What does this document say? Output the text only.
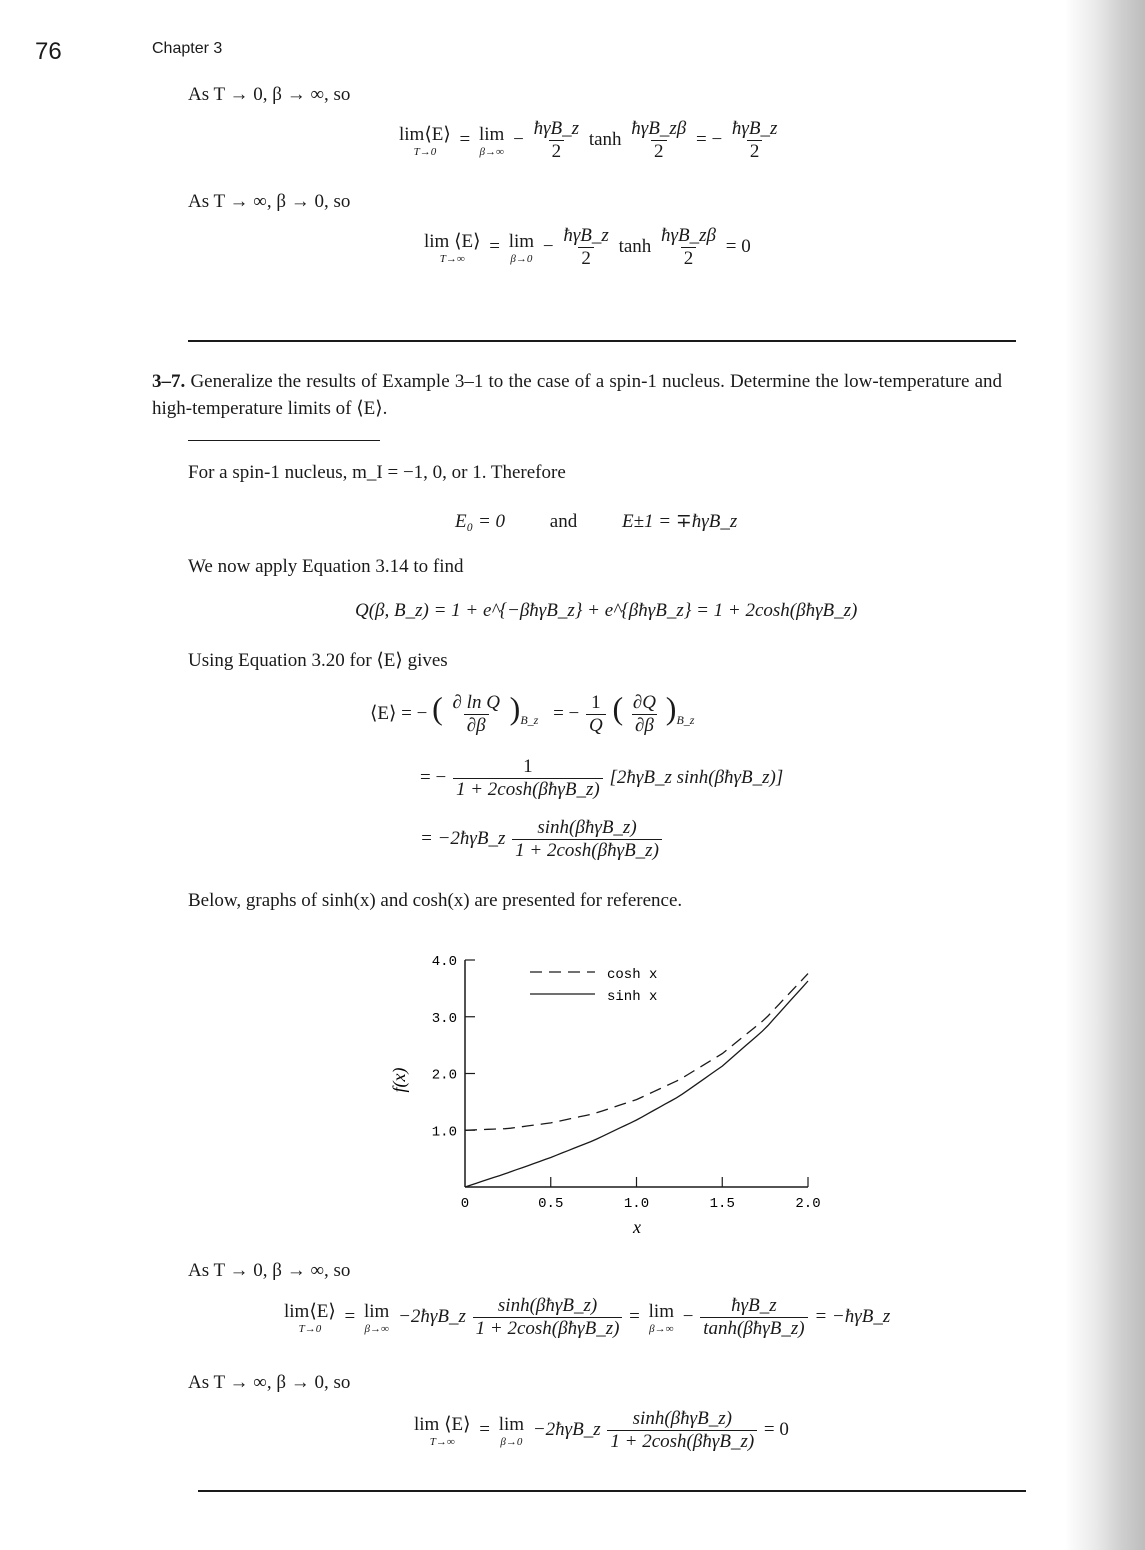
76	Chapter 3
As T → 0, β → ∞, so
lim⟨E⟩
T→0
= lim
β→∞
− $\frac{\text{ħγB\_z}}{2}$ $\tanh \frac{\text{ħγB\_zβ}}{2}$ = − $\frac{\text{ħγB\_z}}{2}$
As T → ∞, β → 0, so
lim ⟨E⟩
T→∞
= lim
β→0
− $\frac{\text{ħγB\_z}}{2}$ $\tanh \frac{\text{ħγB\_zβ}}{2} = 0$
3–7. Generalize the results of Example 3–1 to the case of a spin-1 nucleus. Determine the low-temperature and high-temperature limits of ⟨E⟩.
For a spin-1 nucleus, m_I = −1, 0, or 1. Therefore
E₀ = 0 and E±1 = ∓ħγB_z
We now apply Equation 3.14 to find
Q(β, B_z) = 1 + e^{−βħγB_z} + e^{βħγB_z} = 1 + 2cosh(βħγB_z)
Using Equation 3.20 for ⟨E⟩ gives
⟨E⟩ = − ( $\frac{\text{∂ ln Q}}{\partial\beta} )_{B\_z}$ = − $\frac{1}{Q}$ ( $\frac{\partial Q}{\partial\beta} )_{B\_z}$
= − $\frac{1}{\text{1 + 2cosh(βħγB\_z)}}$ [2ħγB_z sinh(βħγB_z)]
= −2ħγB_z $\frac{\text{sinh(βħγB\_z)}}{\text{1 + 2cosh(βħγB\_z)}}$
Below, graphs of sinh(x) and cosh(x) are presented for reference.
1.0
2.0
3.0
4.0
0	0.5	1.0	1.5	2.0
f(x)
x
cosh x
sinh x
As T → 0, β → ∞, so
lim⟨E⟩
T→0
= lim
β→∞
−2ħγB_z $\frac{\text{sinh(βħγB\_z)}}{\text{1 + 2cosh(βħγB\_z)}} = \lim$
β→∞
− $\frac{\text{ħγB\_z}}{\text{tanh(βħγB\_z)}}$ = −ħγB_z
As T → ∞, β → 0, so
lim ⟨E⟩
T→∞
= lim
β→0
−2ħγB_z $\frac{\text{sinh(βħγB\_z)}}{\text{1 + 2cosh(βħγB\_z)}} = 0$
